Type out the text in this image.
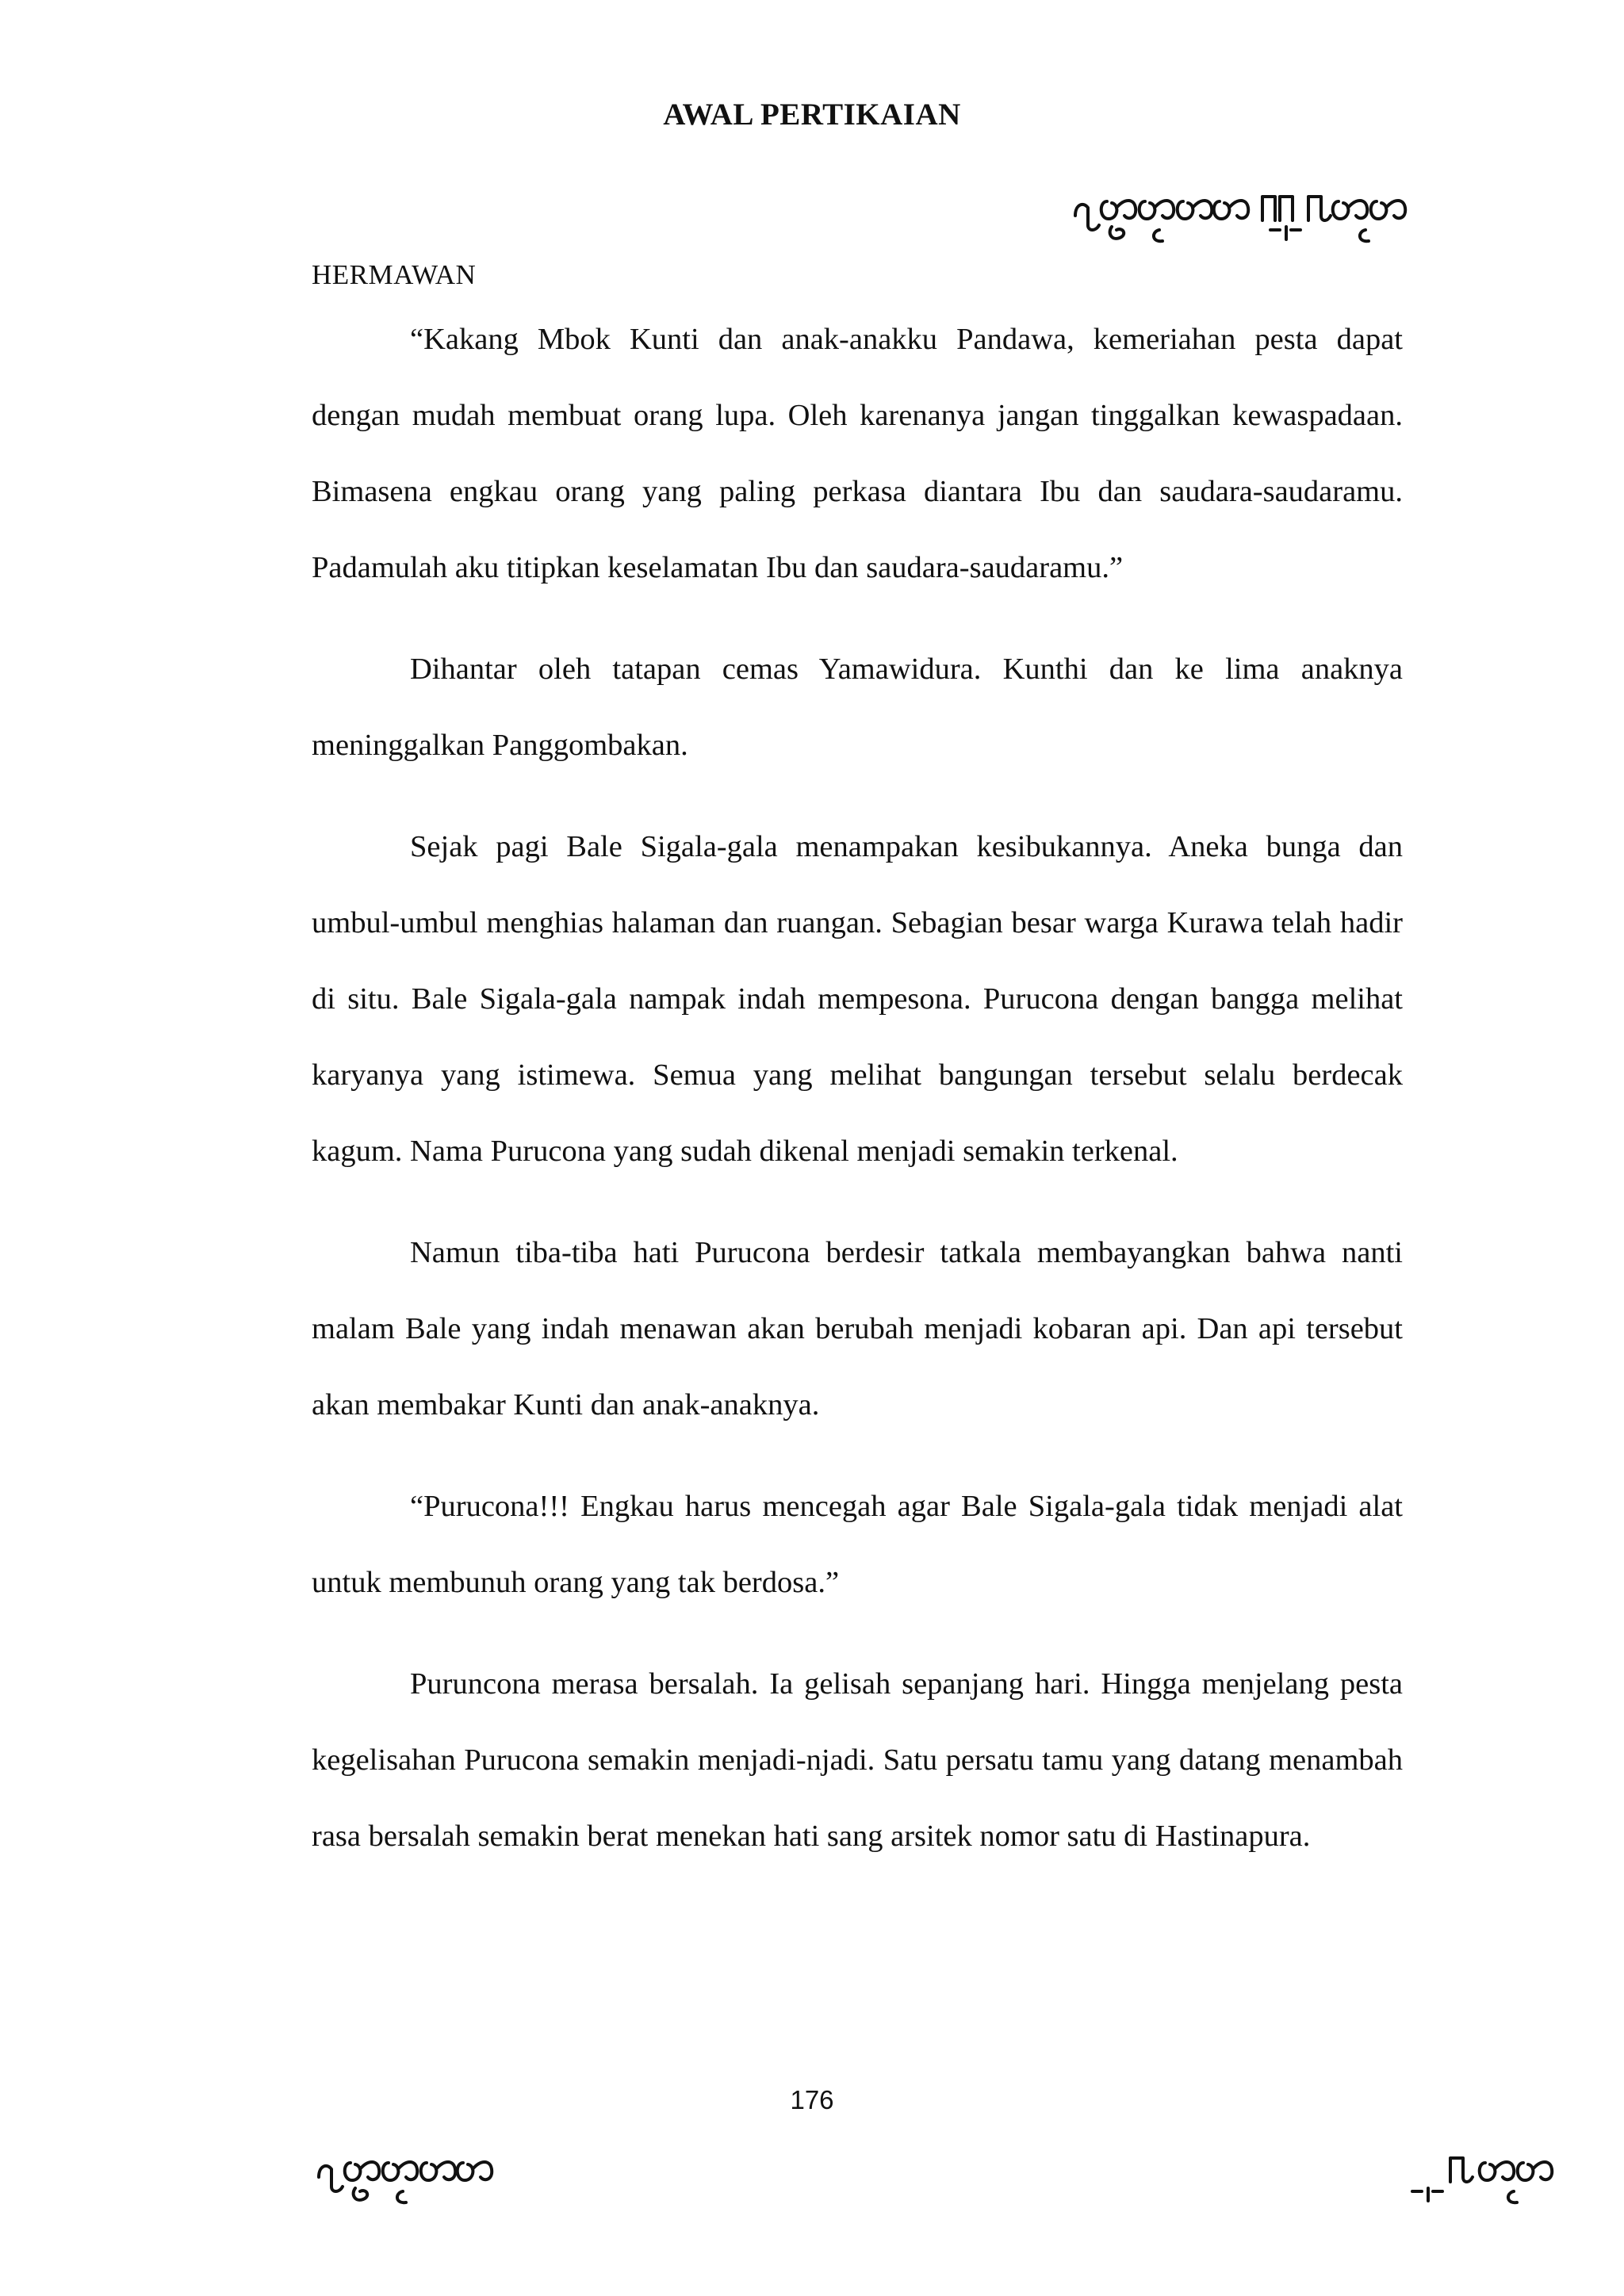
AWAL PERTIKAIAN
HERMAWAN

“Kakang Mbok Kunti dan anak-anakku Pandawa, kemeriahan pesta dapat dengan mudah membuat orang lupa. Oleh karenanya jangan tinggalkan kewaspadaan. Bimasena engkau orang yang paling perkasa diantara Ibu dan saudara-saudaramu. Padamulah aku titipkan keselamatan Ibu dan saudara-saudaramu.”

Dihantar oleh tatapan cemas Yamawidura. Kunthi dan ke lima anaknya meninggalkan Panggombakan.

Sejak pagi Bale Sigala-gala menampakan kesibukannya. Aneka bunga dan umbul-umbul menghias halaman dan ruangan. Sebagian besar warga Kurawa telah hadir di situ. Bale Sigala-gala nampak indah mempesona. Purucona dengan bangga melihat karyanya yang istimewa. Semua yang melihat bangungan tersebut selalu berdecak kagum. Nama Purucona yang sudah dikenal menjadi semakin terkenal.

Namun tiba-tiba hati Purucona berdesir tatkala membayangkan bahwa nanti malam Bale yang indah menawan akan berubah menjadi kobaran api. Dan api tersebut akan membakar Kunti dan anak-anaknya.

“Purucona!!! Engkau harus mencegah agar Bale Sigala-gala tidak menjadi alat untuk membunuh orang yang tak berdosa.”

Puruncona merasa bersalah. Ia gelisah sepanjang hari. Hingga menjelang pesta kegelisahan Purucona semakin menjadi-njadi. Satu persatu tamu yang datang menambah rasa bersalah semakin berat menekan hati sang arsitek nomor satu di Hastinapura.

176
